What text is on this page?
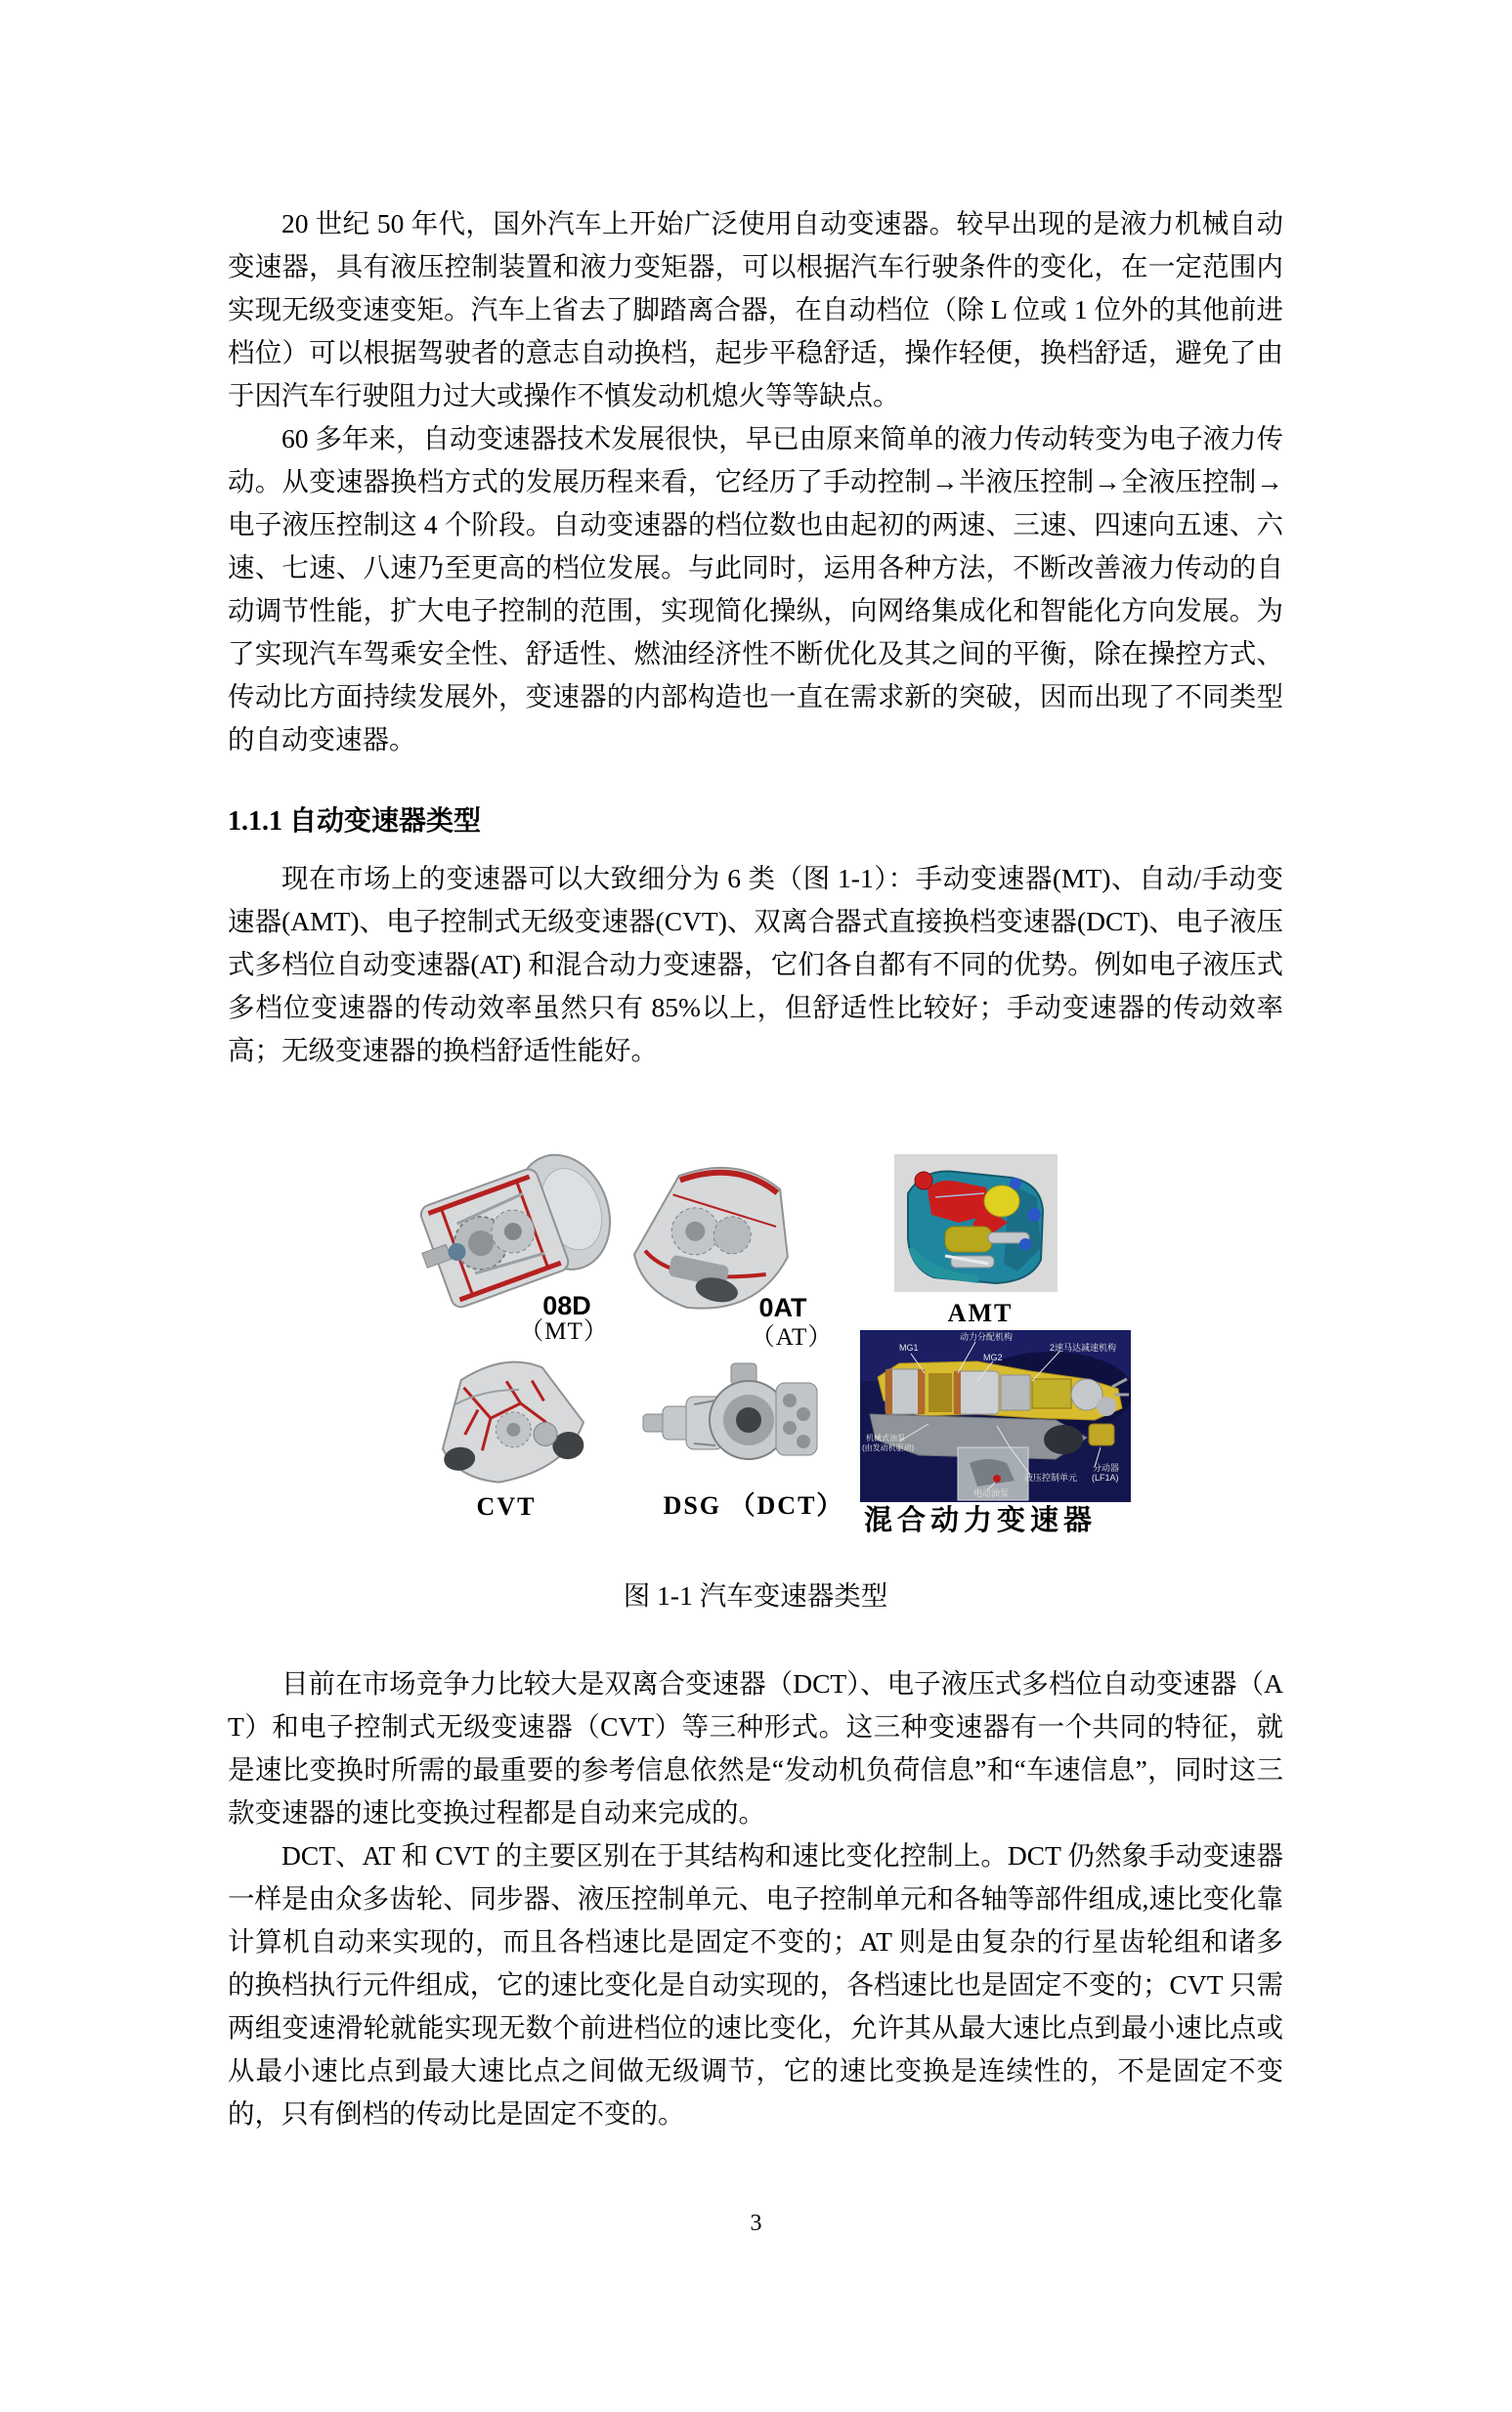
20 世纪 50 年代，国外汽车上开始广泛使用自动变速器。较早出现的是液力机械自动变速器，具有液压控制装置和液力变矩器，可以根据汽车行驶条件的变化，在一定范围内实现无级变速变矩。汽车上省去了脚踏离合器，在自动档位（除 L 位或 1 位外的其他前进档位）可以根据驾驶者的意志自动换档，起步平稳舒适，操作轻便，换档舒适，避免了由于因汽车行驶阻力过大或操作不慎发动机熄火等等缺点。

60 多年来，自动变速器技术发展很快，早已由原来简单的液力传动转变为电子液力传动。从变速器换档方式的发展历程来看，它经历了手动控制→半液压控制→全液压控制→电子液压控制这 4 个阶段。自动变速器的档位数也由起初的两速、三速、四速向五速、六速、七速、八速乃至更高的档位发展。与此同时，运用各种方法，不断改善液力传动的自动调节性能，扩大电子控制的范围，实现简化操纵，向网络集成化和智能化方向发展。为了实现汽车驾乘安全性、舒适性、燃油经济性不断优化及其之间的平衡，除在操控方式、传动比方面持续发展外，变速器的内部构造也一直在需求新的突破，因而出现了不同类型的自动变速器。

1.1.1 自动变速器类型

现在市场上的变速器可以大致细分为 6 类（图 1-1）：手动变速器(MT)、自动/手动变速器(AMT)、电子控制式无级变速器(CVT)、双离合器式直接换档变速器(DCT)、电子液压式多档位自动变速器(AT) 和混合动力变速器，它们各自都有不同的优势。例如电子液压式多档位变速器的传动效率虽然只有 85%以上，但舒适性比较好；手动变速器的传动效率高；无级变速器的换档舒适性能好。

MG1
动力分配机构
MG2
2速马达减速机构
机械式油泵
(由发动机驱动)
液压控制单元
电动油泵
分动器
(LF1A)
08D
（MT）
0AT
（AT）
AMT
CVT	DSG （DCT） 混合动力变速器

图 1-1 汽车变速器类型

目前在市场竞争力比较大是双离合变速器（DCT）、电子液压式多档位自动变速器（AT）和电子控制式无级变速器（CVT）等三种形式。这三种变速器有一个共同的特征，就是速比变换时所需的最重要的参考信息依然是“发动机负荷信息”和“车速信息”，同时这三款变速器的速比变换过程都是自动来完成的。

DCT、AT 和 CVT 的主要区别在于其结构和速比变化控制上。DCT 仍然象手动变速器一样是由众多齿轮、同步器、液压控制单元、电子控制单元和各轴等部件组成,速比变化靠计算机自动来实现的，而且各档速比是固定不变的；AT 则是由复杂的行星齿轮组和诸多的换档执行元件组成，它的速比变化是自动实现的，各档速比也是固定不变的；CVT 只需两组变速滑轮就能实现无数个前进档位的速比变化，允许其从最大速比点到最小速比点或从最小速比点到最大速比点之间做无级调节，它的速比变换是连续性的，不是固定不变的，只有倒档的传动比是固定不变的。

3
